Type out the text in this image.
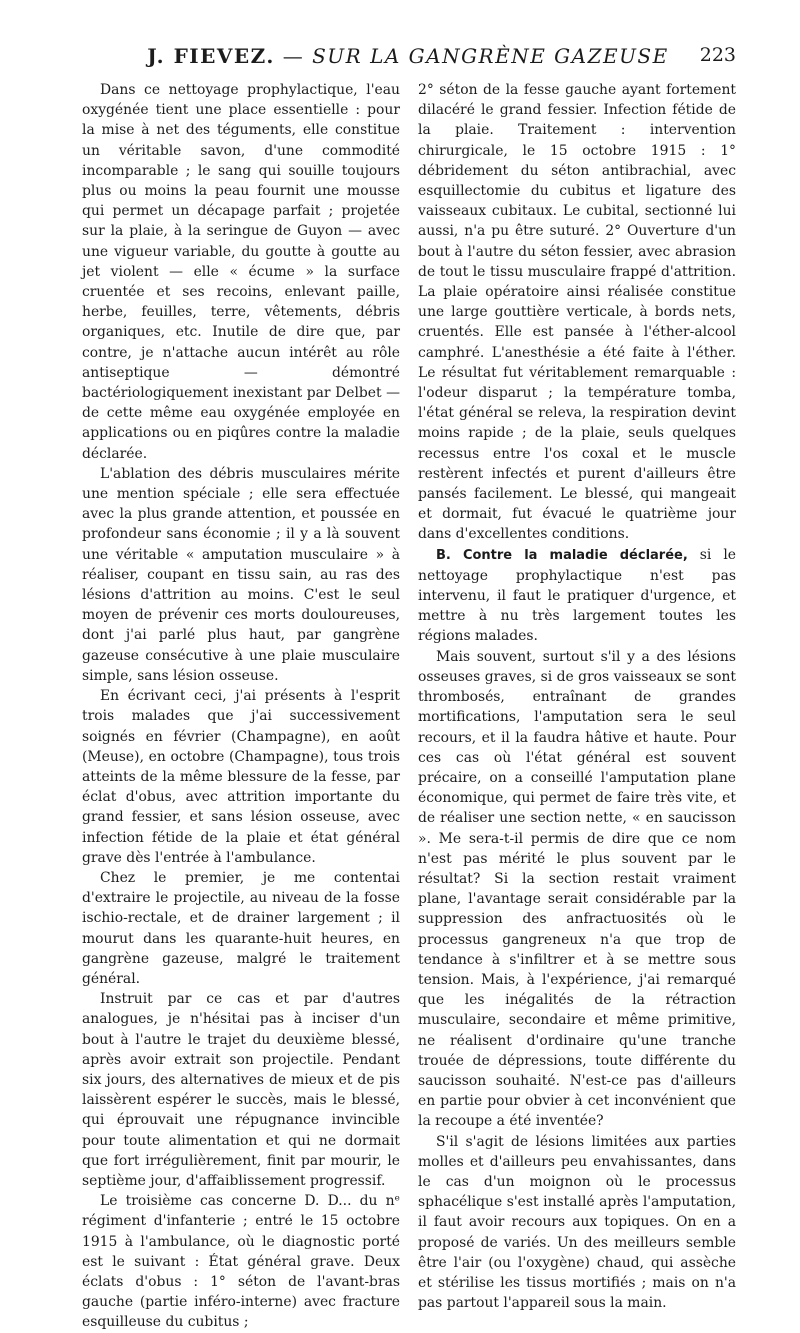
J. FIEVEZ. — SUR LA GANGRÈNE GAZEUSE	223

Dans ce nettoyage prophylactique, l'eau oxygénée tient une place essentielle : pour la mise à net des téguments, elle constitue un véritable savon, d'une commodité incomparable ; le sang qui souille toujours plus ou moins la peau fournit une mousse qui permet un décapage parfait ; projetée sur la plaie, à la seringue de Guyon — avec une vigueur variable, du goutte à goutte au jet violent — elle « écume » la surface cruentée et ses recoins, enlevant paille, herbe, feuilles, terre, vêtements, débris organiques, etc. Inutile de dire que, par contre, je n'attache aucun intérêt au rôle antiseptique — démontré bactériologiquement inexistant par Delbet — de cette même eau oxygénée employée en applications ou en piqûres contre la maladie déclarée.

L'ablation des débris musculaires mérite une mention spéciale ; elle sera effectuée avec la plus grande attention, et poussée en profondeur sans économie ; il y a là souvent une véritable « amputation musculaire » à réaliser, coupant en tissu sain, au ras des lésions d'attrition au moins. C'est le seul moyen de prévenir ces morts douloureuses, dont j'ai parlé plus haut, par gangrène gazeuse consécutive à une plaie musculaire simple, sans lésion osseuse.

En écrivant ceci, j'ai présents à l'esprit trois malades que j'ai successivement soignés en février (Champagne), en août (Meuse), en octobre (Champagne), tous trois atteints de la même blessure de la fesse, par éclat d'obus, avec attrition importante du grand fessier, et sans lésion osseuse, avec infection fétide de la plaie et état général grave dès l'entrée à l'ambulance.

Chez le premier, je me contentai d'extraire le projectile, au niveau de la fosse ischio-rectale, et de drainer largement ; il mourut dans les quarante-huit heures, en gangrène gazeuse, malgré le traitement général.

Instruit par ce cas et par d'autres analogues, je n'hésitai pas à inciser d'un bout à l'autre le trajet du deuxième blessé, après avoir extrait son projectile. Pendant six jours, des alternatives de mieux et de pis laissèrent espérer le succès, mais le blessé, qui éprouvait une répugnance invincible pour toute alimentation et qui ne dormait que fort irrégulièrement, finit par mourir, le septième jour, d'affaiblissement progressif.

Le troisième cas concerne D. D... du nᵉ régiment d'infanterie ; entré le 15 octobre 1915 à l'ambulance, où le diagnostic porté est le suivant : État général grave. Deux éclats d'obus : 1° séton de l'avant-bras gauche (partie inféro-interne) avec fracture esquilleuse du cubitus ;

2° séton de la fesse gauche ayant fortement dilacéré le grand fessier. Infection fétide de la plaie. Traitement : intervention chirurgicale, le 15 octobre 1915 : 1° débridement du séton antibrachial, avec esquillectomie du cubitus et ligature des vaisseaux cubitaux. Le cubital, sectionné lui aussi, n'a pu être suturé. 2° Ouverture d'un bout à l'autre du séton fessier, avec abrasion de tout le tissu musculaire frappé d'attrition. La plaie opératoire ainsi réalisée constitue une large gouttière verticale, à bords nets, cruentés. Elle est pansée à l'éther-alcool camphré. L'anesthésie a été faite à l'éther. Le résultat fut véritablement remarquable : l'odeur disparut ; la température tomba, l'état général se releva, la respiration devint moins rapide ; de la plaie, seuls quelques recessus entre l'os coxal et le muscle restèrent infectés et purent d'ailleurs être pansés facilement. Le blessé, qui mangeait et dormait, fut évacué le quatrième jour dans d'excellentes conditions.

B. Contre la maladie déclarée, si le nettoyage prophylactique n'est pas intervenu, il faut le pratiquer d'urgence, et mettre à nu très largement toutes les régions malades.

Mais souvent, surtout s'il y a des lésions osseuses graves, si de gros vaisseaux se sont thrombosés, entraînant de grandes mortifications, l'amputation sera le seul recours, et il la faudra hâtive et haute. Pour ces cas où l'état général est souvent précaire, on a conseillé l'amputation plane économique, qui permet de faire très vite, et de réaliser une section nette, « en saucisson ». Me sera-t-il permis de dire que ce nom n'est pas mérité le plus souvent par le résultat? Si la section restait vraiment plane, l'avantage serait considérable par la suppression des anfractuosités où le processus gangreneux n'a que trop de tendance à s'infiltrer et à se mettre sous tension. Mais, à l'expérience, j'ai remarqué que les inégalités de la rétraction musculaire, secondaire et même primitive, ne réalisent d'ordinaire qu'une tranche trouée de dépressions, toute différente du saucisson souhaité. N'est-ce pas d'ailleurs en partie pour obvier à cet inconvénient que la recoupe a été inventée?

S'il s'agit de lésions limitées aux parties molles et d'ailleurs peu envahissantes, dans le cas d'un moignon où le processus sphacélique s'est installé après l'amputation, il faut avoir recours aux topiques. On en a proposé de variés. Un des meilleurs semble être l'air (ou l'oxygène) chaud, qui assèche et stérilise les tissus mortifiés ; mais on n'a pas partout l'appareil sous la main.
